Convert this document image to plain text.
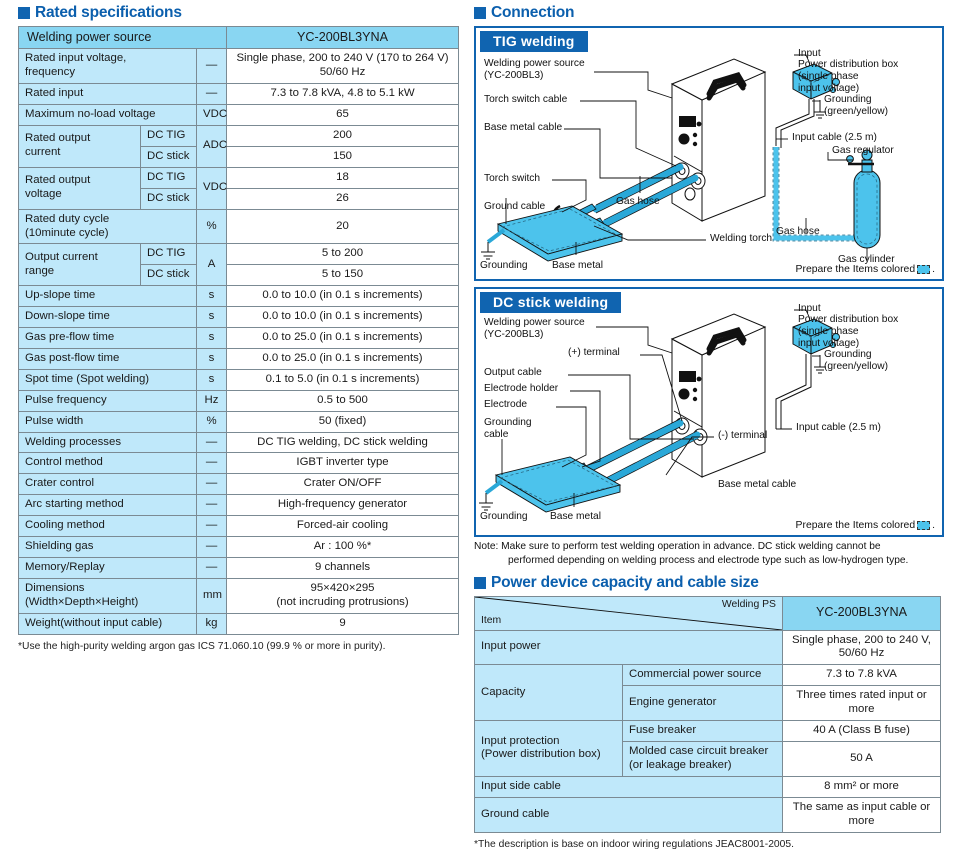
Rated specifications
Welding power source			YC-200BL3YNA
Rated input voltage,
frequency		—	Single phase, 200 to 240 V (170 to 264 V)
50/60 Hz
Rated input		—	7.3 to 7.8 kVA, 4.8 to 5.1 kW
Maximum no-load voltage		VDC	65
Rated output
current	DC TIG	ADC	200
	DC stick		150
Rated output
voltage	DC TIG	VDC	18
	DC stick		26
Rated duty cycle
(10minute cycle)		%	20
Output current
range	DC TIG	A	5 to 200
	DC stick		5 to 150
Up-slope time		s	0.0 to 10.0 (in 0.1 s increments)
Down-slope time		s	0.0 to 10.0 (in 0.1 s increments)
Gas pre-flow time		s	0.0 to 25.0 (in 0.1 s increments)
Gas post-flow time		s	0.0 to 25.0 (in 0.1 s increments)
Spot time (Spot welding)		s	0.1 to 5.0 (in 0.1 s increments)
Pulse frequency		Hz	0.5 to 500
Pulse width		%	50 (fixed)
Welding processes		—	DC TIG welding, DC stick welding
Control method		—	IGBT inverter type
Crater control		—	Crater ON/OFF
Arc starting method		—	High-frequency generator
Cooling method		—	Forced-air cooling
Shielding gas		—	Ar : 100 %*
Memory/Replay		—	9 channels
Dimensions
(Width×Depth×Height)		mm	95×420×295
(not incruding protrusions)
Weight(without input cable)		kg	9
*Use the high-purity welding argon gas ICS 71.060.10 (99.9 % or more in purity).
Connection
TIG welding
Welding power source
(YC-200BL3)
Torch switch cable
Base metal cable
Torch switch
Ground cable
Grounding Base metal
Gas hose
Welding torch
Input
Power distribution box
(single phase
input voltage)
Grounding
(green/yellow)
Input cable (2.5 m)
Gas regulator
Gas hose
Gas cylinder
Prepare the Items colored .
DC stick welding
Welding power source
(YC-200BL3)
(+) terminal
Output cable
Electrode holder
Electrode
Grounding
cable
Grounding Base metal
Base metal cable
(-) terminal
Input
Power distribution box
(single phase
input voltage)
Grounding
(green/yellow)
Input cable (2.5 m)
Prepare the Items colored .
Note: Make sure to perform test welding operation in advance. DC stick welding cannot be
performed depending on welding process and electrode type such as low-hydrogen type.
Power device capacity and cable size
Item
Welding PS		YC-200BL3YNA
Input power		Single phase, 200 to 240 V, 50/60 Hz
Capacity	Commercial power source	7.3 to 7.8 kVA
	Engine generator	Three times rated input or more
Input protection
(Power distribution box)	Fuse breaker	40 A (Class B fuse)
	Molded case circuit breaker
(or leakage breaker)	50 A
Input side cable		8 mm² or more
Ground cable		The same as input cable or more
*The description is base on indoor wiring regulations JEAC8001-2005.
